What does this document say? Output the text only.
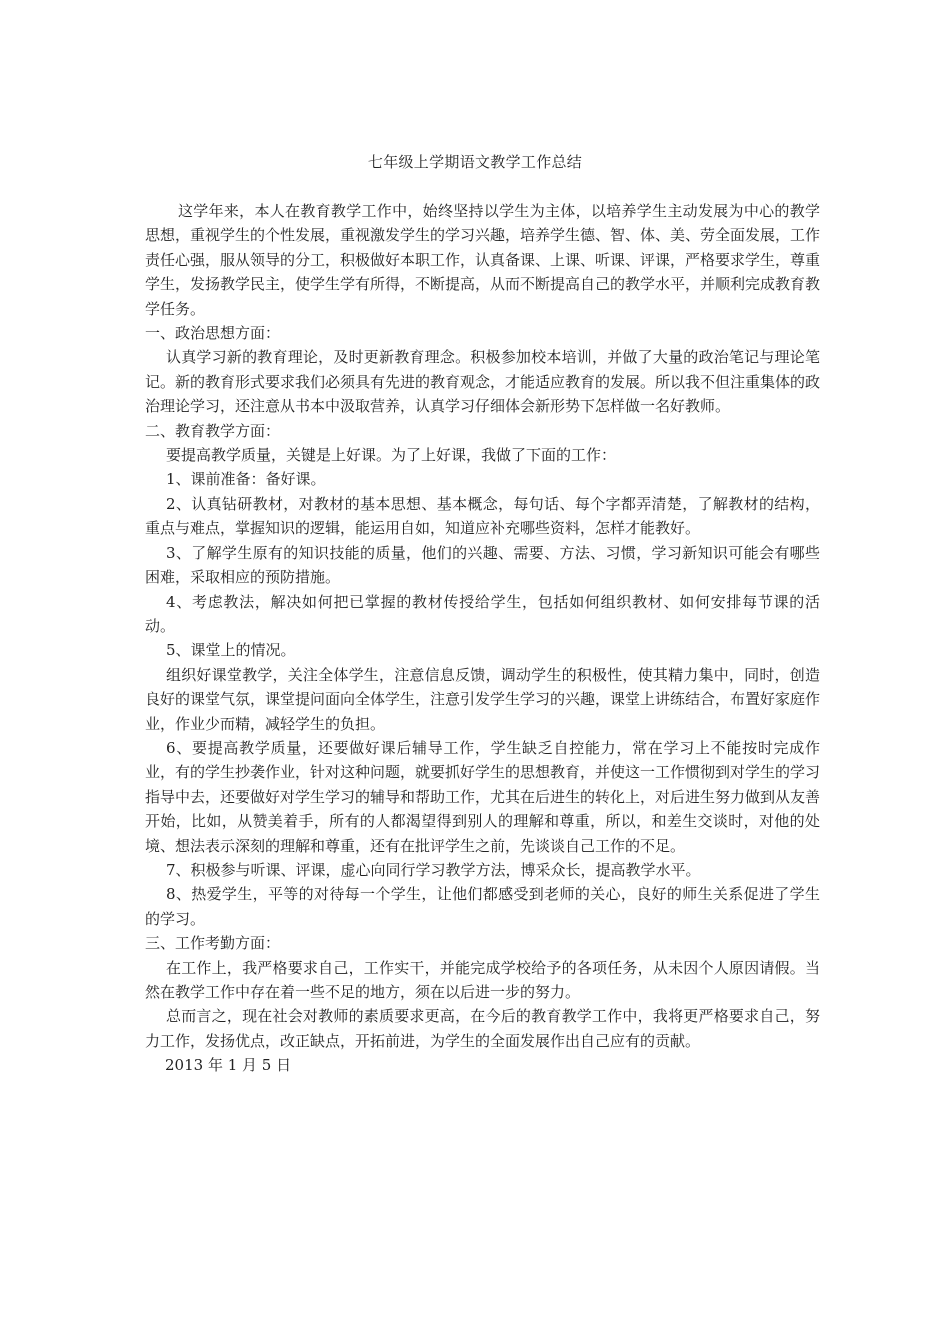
七年级上学期语文教学工作总结

这学年来，本人在教育教学工作中，始终坚持以学生为主体，以培养学生主动发展为中心的教学思想，重视学生的个性发展，重视激发学生的学习兴趣，培养学生德、智、体、美、劳全面发展，工作责任心强，服从领导的分工，积极做好本职工作，认真备课、上课、听课、评课，严格要求学生，尊重学生，发扬教学民主，使学生学有所得，不断提高，从而不断提高自己的教学水平，并顺利完成教育教学任务。

一、政治思想方面：

认真学习新的教育理论，及时更新教育理念。积极参加校本培训，并做了大量的政治笔记与理论笔记。新的教育形式要求我们必须具有先进的教育观念，才能适应教育的发展。所以我不但注重集体的政治理论学习，还注意从书本中汲取营养，认真学习仔细体会新形势下怎样做一名好教师。

二、教育教学方面：

要提高教学质量，关键是上好课。为了上好课，我做了下面的工作：

1、课前准备：备好课。

2、认真钻研教材，对教材的基本思想、基本概念，每句话、每个字都弄清楚，了解教材的结构，重点与难点，掌握知识的逻辑，能运用自如，知道应补充哪些资料，怎样才能教好。

3、了解学生原有的知识技能的质量，他们的兴趣、需要、方法、习惯，学习新知识可能会有哪些困难，采取相应的预防措施。

4、考虑教法，解决如何把已掌握的教材传授给学生，包括如何组织教材、如何安排每节课的活动。

5、课堂上的情况。

组织好课堂教学，关注全体学生，注意信息反馈，调动学生的积极性，使其精力集中，同时，创造良好的课堂气氛，课堂提问面向全体学生，注意引发学生学习的兴趣，课堂上讲练结合，布置好家庭作业，作业少而精，减轻学生的负担。

6、要提高教学质量，还要做好课后辅导工作，学生缺乏自控能力，常在学习上不能按时完成作业，有的学生抄袭作业，针对这种问题，就要抓好学生的思想教育，并使这一工作惯彻到对学生的学习指导中去，还要做好对学生学习的辅导和帮助工作，尤其在后进生的转化上，对后进生努力做到从友善开始，比如，从赞美着手，所有的人都渴望得到别人的理解和尊重，所以，和差生交谈时，对他的处境、想法表示深刻的理解和尊重，还有在批评学生之前，先谈谈自己工作的不足。

7、积极参与听课、评课，虚心向同行学习教学方法，博采众长，提高教学水平。

8、热爱学生，平等的对待每一个学生，让他们都感受到老师的关心，良好的师生关系促进了学生的学习。

三、工作考勤方面：

在工作上，我严格要求自己，工作实干，并能完成学校给予的各项任务，从未因个人原因请假。当然在教学工作中存在着一些不足的地方，须在以后进一步的努力。

总而言之，现在社会对教师的素质要求更高，在今后的教育教学工作中，我将更严格要求自己，努力工作，发扬优点，改正缺点，开拓前进，为学生的全面发展作出自己应有的贡献。

2013 年 1 月 5 日
